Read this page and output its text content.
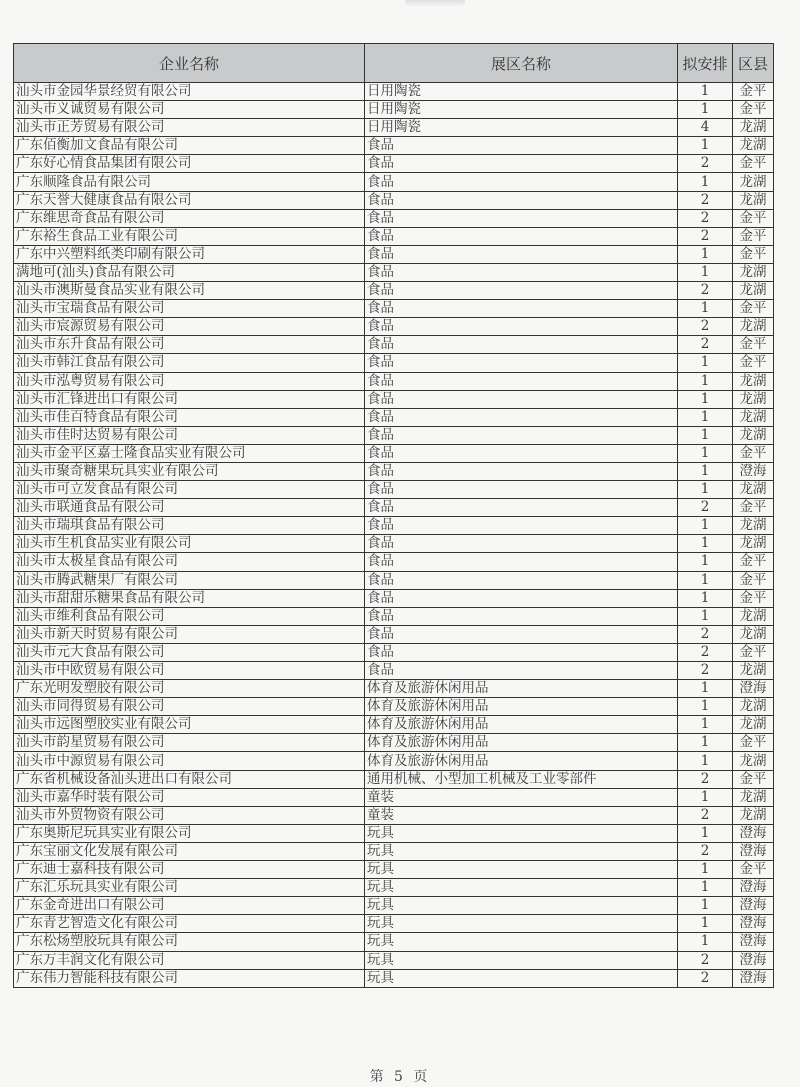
企业名称	展区名称	拟安排	区县
汕头市金园华景经贸有限公司	日用陶瓷	1	金平
汕头市义诚贸易有限公司	日用陶瓷	1	金平
汕头市正芳贸易有限公司	日用陶瓷	4	龙湖
广东佰衡加文食品有限公司	食品	1	龙湖
广东好心情食品集团有限公司	食品	2	金平
广东顺隆食品有限公司	食品	1	龙湖
广东天誉大健康食品有限公司	食品	2	龙湖
广东维思奇食品有限公司	食品	2	金平
广东裕生食品工业有限公司	食品	2	金平
广东中兴塑料纸类印刷有限公司	食品	1	金平
满地可(汕头)食品有限公司	食品	1	龙湖
汕头市澳斯曼食品实业有限公司	食品	2	龙湖
汕头市宝瑞食品有限公司	食品	1	金平
汕头市宸源贸易有限公司	食品	2	龙湖
汕头市东升食品有限公司	食品	2	金平
汕头市韩江食品有限公司	食品	1	金平
汕头市泓粤贸易有限公司	食品	1	龙湖
汕头市汇锋进出口有限公司	食品	1	龙湖
汕头市佳百特食品有限公司	食品	1	龙湖
汕头市佳时达贸易有限公司	食品	1	龙湖
汕头市金平区嘉士隆食品实业有限公司	食品	1	金平
汕头市聚奇糖果玩具实业有限公司	食品	1	澄海
汕头市可立发食品有限公司	食品	1	龙湖
汕头市联通食品有限公司	食品	2	金平
汕头市瑞琪食品有限公司	食品	1	龙湖
汕头市生机食品实业有限公司	食品	1	龙湖
汕头市太极星食品有限公司	食品	1	金平
汕头市腾武糖果厂有限公司	食品	1	金平
汕头市甜甜乐糖果食品有限公司	食品	1	金平
汕头市维利食品有限公司	食品	1	龙湖
汕头市新天时贸易有限公司	食品	2	龙湖
汕头市元大食品有限公司	食品	2	金平
汕头市中欧贸易有限公司	食品	2	龙湖
广东光明发塑胶有限公司	体育及旅游休闲用品	1	澄海
汕头市同得贸易有限公司	体育及旅游休闲用品	1	龙湖
汕头市远图塑胶实业有限公司	体育及旅游休闲用品	1	龙湖
汕头市韵星贸易有限公司	体育及旅游休闲用品	1	金平
汕头市中源贸易有限公司	体育及旅游休闲用品	1	龙湖
广东省机械设备汕头进出口有限公司	通用机械、小型加工机械及工业零部件	2	金平
汕头市嘉华时装有限公司	童装	1	龙湖
汕头市外贸物资有限公司	童装	2	龙湖
广东奥斯尼玩具实业有限公司	玩具	1	澄海
广东宝丽文化发展有限公司	玩具	2	澄海
广东迪士嘉科技有限公司	玩具	1	金平
广东汇乐玩具实业有限公司	玩具	1	澄海
广东金奇进出口有限公司	玩具	1	澄海
广东青艺智造文化有限公司	玩具	1	澄海
广东松炀塑胶玩具有限公司	玩具	1	澄海
广东万丰润文化有限公司	玩具	2	澄海
广东伟力智能科技有限公司	玩具	2	澄海
第 5 页
